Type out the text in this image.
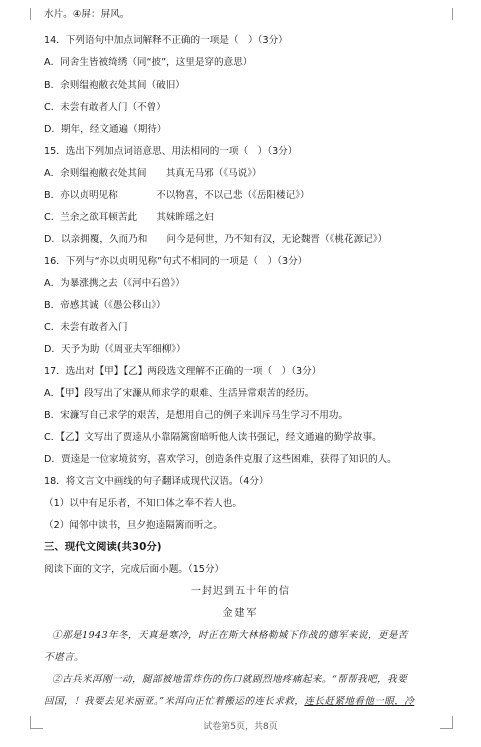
水片。④屏：屏风。
14．下列语句中加点词解释不正确的一项是（　）（3分）
A．同舍生皆被绮绣（同“披”，这里是穿的意思）
B．余则缊袍敝衣处其间（破旧）
C．未尝有敢者人门（不曾）
D．期年，经文通遍（期待）
15．选出下列加点词语意思、用法相同的一项（　）（3分）
A．余则缊袍敝衣处其间　　其真无马邪（《马说》）
B．亦以贞明见称　　　　不以物喜，不以己悲（《岳阳楼记》）
C．兰余之欲耳顿苦此　　其妹眸瑶之妇
D．以亲拥覆，久而乃和　　问今是何世，乃不知有汉，无论魏晋（《桃花源记》）
16．下列与“亦以贞明见称”句式不相同的一项是（　）（3分）
A．为暴涨携之去（《河中石兽》）
B．帝感其诚（《愚公移山》）
C．未尝有敢者入门
D．天予为助（《周亚夫军细柳》）
17．选出对【甲】【乙】两段选文理解不正确的一项（　）（3分）
A．【甲】段写出了宋濂从师求学的艰难、生活异常艰苦的经历。
B．宋濂写自己求学的艰苦，是想用自己的例子来训斥马生学习不用功。
C．【乙】文写出了贾逵从小靠隔篱窗暗听他人读书强记，经文通遍的勤学故事。
D．贾逵是一位家境贫穷，喜欢学习，创造条件克服了这些困难，获得了知识的人。
18．将文言文中画线的句子翻译成现代汉语。（4分）
（1）以中有足乐者，不知口体之奉不若人也。
（2）闻邻中读书，旦夕抱逵隔篱而听之。
三、现代文阅读(共30分)
阅读下面的文字，完成后面小题。（15分）
一封迟到五十年的信
金建军
①那是1943年冬，天真是寒冷，时正在斯大林格勒城下作战的德军来说，更是苦
不堪言。
②古兵米洱刚一动，腿部被地雷炸伤的伤口就剧烈地疼痛起来。“帮帮我吧，我要
回国，！我要去见米丽亚。”米洱向正忙着搬运的连长求救，连长赶紧地看他一眼，冷
试卷第5页，共8页
